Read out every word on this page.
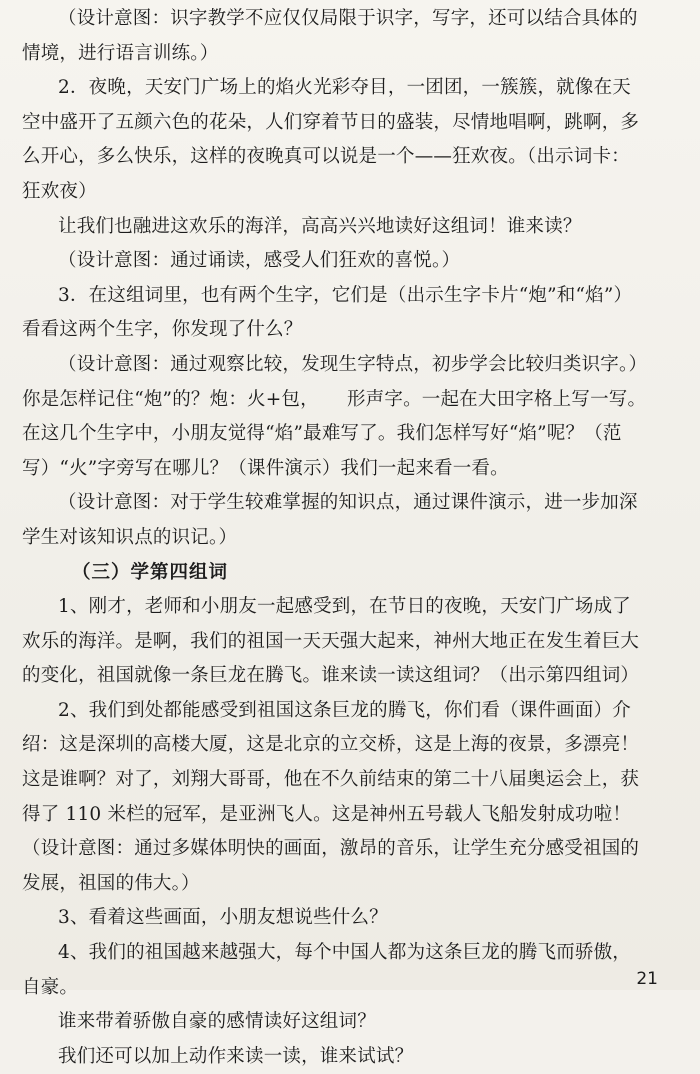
（设计意图：识字教学不应仅仅局限于识字，写字，还可以结合具体的
情境，进行语言训练。）
2．夜晚，天安门广场上的焰火光彩夺目，一团团，一簇簇，就像在天
空中盛开了五颜六色的花朵，人们穿着节日的盛装，尽情地唱啊，跳啊，多
么开心，多么快乐，这样的夜晚真可以说是一个——狂欢夜。（出示词卡：
狂欢夜）
让我们也融进这欢乐的海洋，高高兴兴地读好这组词！谁来读？
（设计意图：通过诵读，感受人们狂欢的喜悦。）
3．在这组词里，也有两个生字，它们是（出示生字卡片“炮”和“焰”）
看看这两个生字，你发现了什么？
（设计意图：通过观察比较，发现生字特点，初步学会比较归类识字。）
你是怎样记住“炮”的？炮：火+包，　　形声字。一起在大田字格上写一写。
在这几个生字中，小朋友觉得“焰”最难写了。我们怎样写好“焰”呢？（范
写）“火”字旁写在哪儿？（课件演示）我们一起来看一看。
（设计意图：对于学生较难掌握的知识点，通过课件演示，进一步加深
学生对该知识点的识记。）
（三）学第四组词
1、刚才，老师和小朋友一起感受到，在节日的夜晚，天安门广场成了
欢乐的海洋。是啊，我们的祖国一天天强大起来，神州大地正在发生着巨大
的变化，祖国就像一条巨龙在腾飞。谁来读一读这组词？（出示第四组词）
2、我们到处都能感受到祖国这条巨龙的腾飞，你们看（课件画面）介
绍：这是深圳的高楼大厦，这是北京的立交桥，这是上海的夜景，多漂亮！
这是谁啊？对了，刘翔大哥哥，他在不久前结束的第二十八届奥运会上，获
得了 110 米栏的冠军，是亚洲飞人。这是神州五号载人飞船发射成功啦！
（设计意图：通过多媒体明快的画面，激昂的音乐，让学生充分感受祖国的
发展，祖国的伟大。）
3、看着这些画面，小朋友想说些什么？
4、我们的祖国越来越强大，每个中国人都为这条巨龙的腾飞而骄傲，
自豪。
谁来带着骄傲自豪的感情读好这组词？
我们还可以加上动作来读一读，谁来试试？
21
